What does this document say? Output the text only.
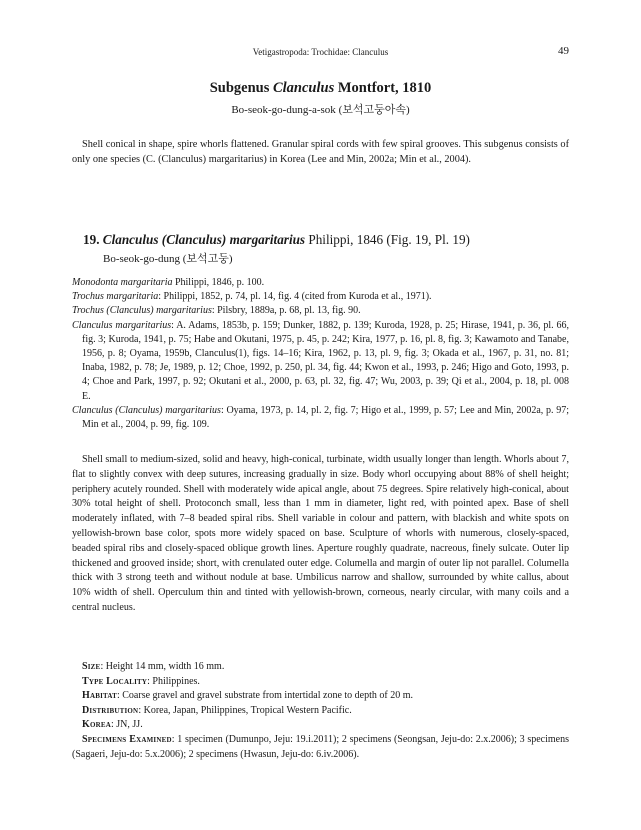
Vetigastropoda: Trochidae: Clanculus	49
Subgenus Clanculus Montfort, 1810
Bo-seok-go-dung-a-sok (보석고둥아속)

Shell conical in shape, spire whorls flattened. Granular spiral cords with few spiral grooves. This subgenus consists of only one species (C. (Clanculus) margaritarius) in Korea (Lee and Min, 2002a; Min et al., 2004).

19. Clanculus (Clanculus) margaritarius Philippi, 1846 (Fig. 19, Pl. 19)
Bo-seok-go-dung (보석고둥)
Monodonta margaritaria Philippi, 1846, p. 100.
Trochus margaritaria: Philippi, 1852, p. 74, pl. 14, fig. 4 (cited from Kuroda et al., 1971).
Trochus (Clanculus) margaritarius: Pilsbry, 1889a, p. 68, pl. 13, fig. 90.
Clanculus margaritarius: A. Adams, 1853b, p. 159; Dunker, 1882, p. 139; Kuroda, 1928, p. 25; Hirase, 1941, p. 36, pl. 66, fig. 3; Kuroda, 1941, p. 75; Habe and Okutani, 1975, p. 45, p. 242; Kira, 1977, p. 16, pl. 8, fig. 3; Kawamoto and Tanabe, 1956, p. 8; Oyama, 1959b, Clanculus(1), figs. 14–16; Kira, 1962, p. 13, pl. 9, fig. 3; Okada et al., 1967, p. 31, no. 81; Inaba, 1982, p. 78; Je, 1989, p. 12; Choe, 1992, p. 250, pl. 34, fig. 44; Kwon et al., 1993, p. 246; Higo and Goto, 1993, p. 4; Choe and Park, 1997, p. 92; Okutani et al., 2000, p. 63, pl. 32, fig. 47; Wu, 2003, p. 39; Qi et al., 2004, p. 18, pl. 008 E.
Clanculus (Clanculus) margaritarius: Oyama, 1973, p. 14, pl. 2, fig. 7; Higo et al., 1999, p. 57; Lee and Min, 2002a, p. 97; Min et al., 2004, p. 99, fig. 109.

Shell small to medium-sized, solid and heavy, high-conical, turbinate, width usually longer than length. Whorls about 7, flat to slightly convex with deep sutures, increasing gradually in size. Body whorl occupying about 88% of shell height; periphery acutely rounded. Shell with moderately wide apical angle, about 75 degrees. Spire relatively high-conical, about 30% total height of shell. Protoconch small, less than 1 mm in diameter, light red, with pointed apex. Base of shell moderately inflated, with 7–8 beaded spiral ribs. Shell variable in colour and pattern, with blackish and white spots on yellowish-brown base color, spots more widely spaced on base. Sculpture of whorls with numerous, closely-spaced, beaded spiral ribs and closely-spaced oblique growth lines. Aperture roughly quadrate, nacreous, finely sulcate. Outer lip thickened and grooved inside; short, with crenulated outer edge. Columella and margin of outer lip not parallel. Columella thick with 3 strong teeth and without nodule at base. Umbilicus narrow and shallow, surrounded by white callus, about 10% width of shell. Operculum thin and tinted with yellowish-brown, corneous, nearly circular, with many coils and a central nucleus.

Size: Height 14 mm, width 16 mm.
Type Locality: Philippines.
Habitat: Coarse gravel and gravel substrate from intertidal zone to depth of 20 m.
Distribution: Korea, Japan, Philippines, Tropical Western Pacific.
Korea: JN, JJ.
Specimens Examined: 1 specimen (Dumunpo, Jeju: 19.i.2011); 2 specimens (Seongsan, Jeju-do: 2.x.2006); 3 specimens (Sagaeri, Jeju-do: 5.x.2006); 2 specimens (Hwasun, Jeju-do: 6.iv.2006).
